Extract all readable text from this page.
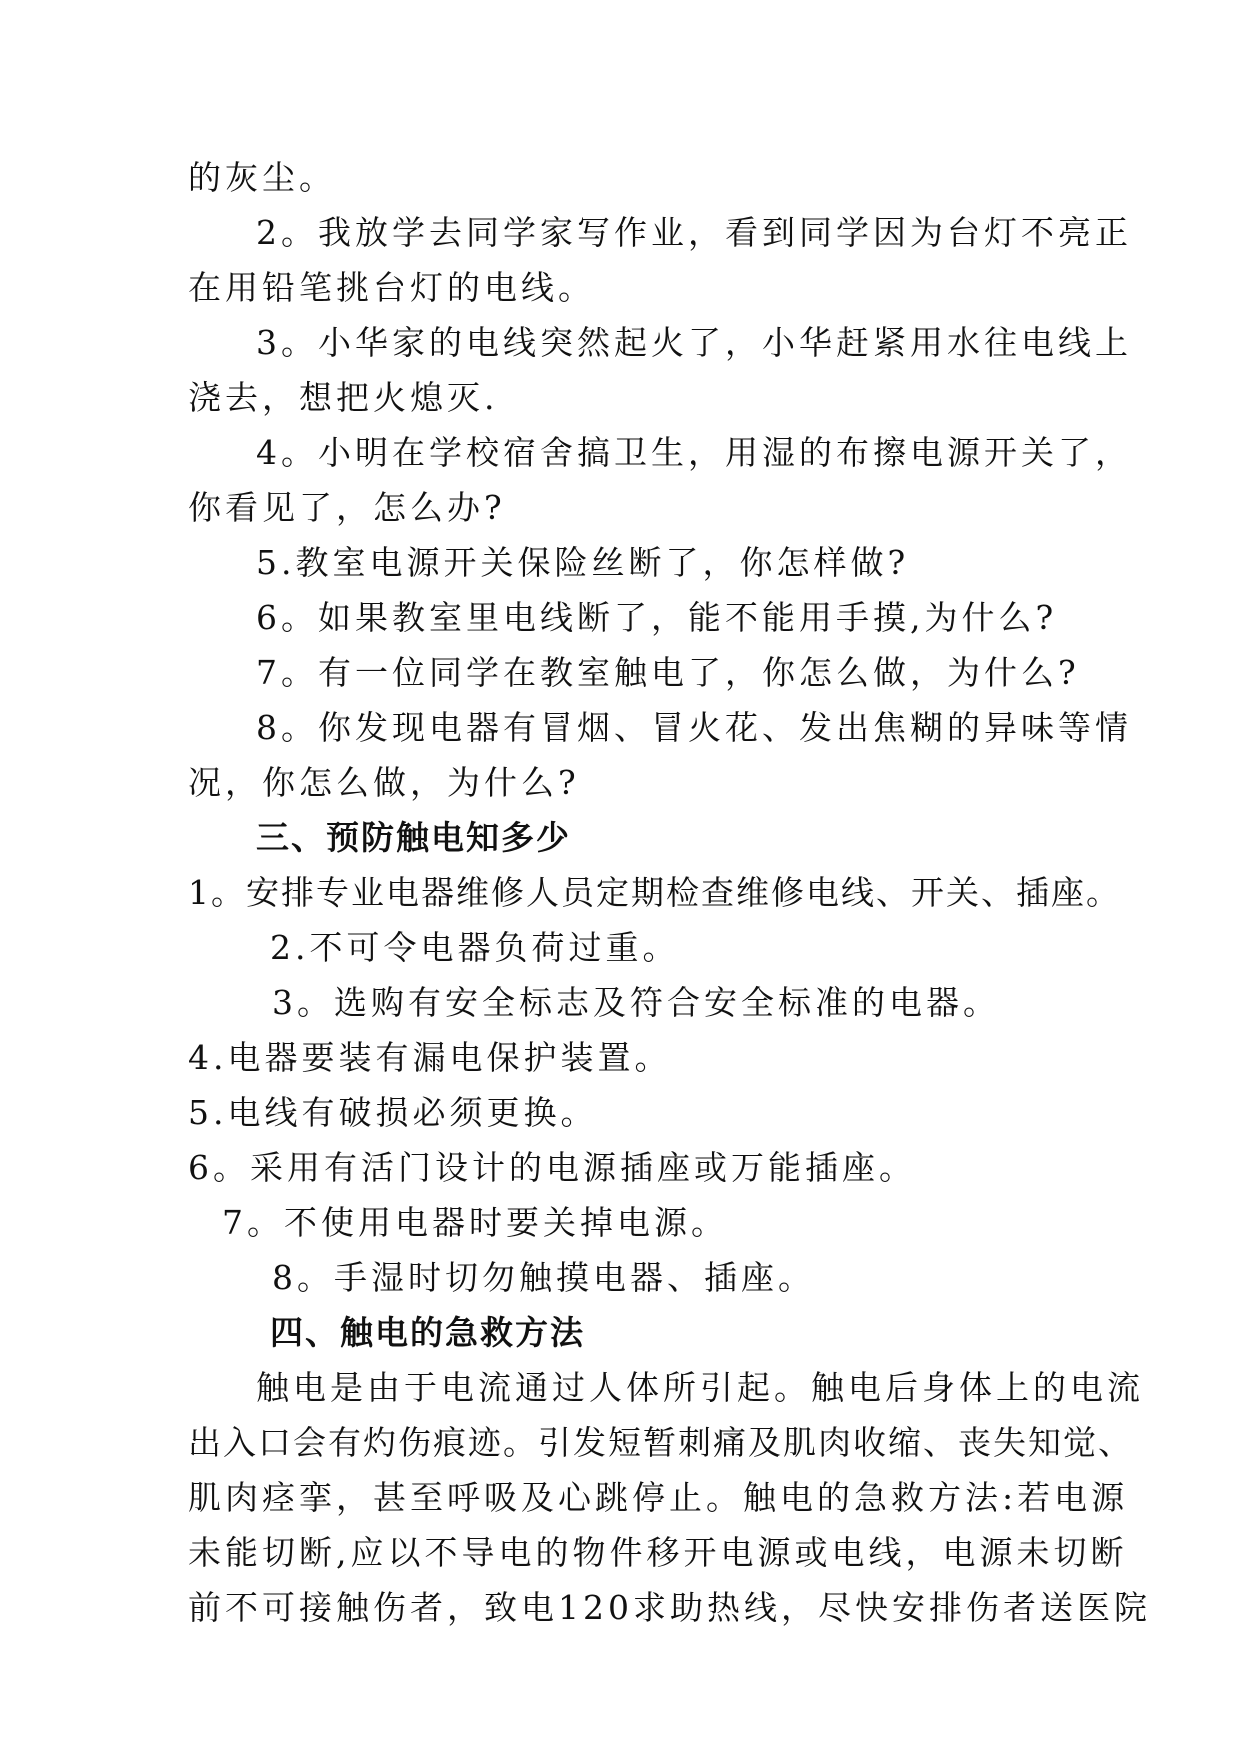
的灰尘。
2。我放学去同学家写作业，看到同学因为台灯不亮正
在用铅笔挑台灯的电线。
3。小华家的电线突然起火了，小华赶紧用水往电线上
浇去，想把火熄灭.
4。小明在学校宿舍搞卫生，用湿的布擦电源开关了，
你看见了，怎么办?
5.教室电源开关保险丝断了，你怎样做?
6。如果教室里电线断了，能不能用手摸,为什么?
7。有一位同学在教室触电了，你怎么做，为什么?
8。你发现电器有冒烟、冒火花、发出焦糊的异味等情
况，你怎么做，为什么?
三、预防触电知多少
1。安排专业电器维修人员定期检查维修电线、开关、插座。
2.不可令电器负荷过重。
3。选购有安全标志及符合安全标准的电器。
4.电器要装有漏电保护装置。
5.电线有破损必须更换。
6。采用有活门设计的电源插座或万能插座。
7。不使用电器时要关掉电源。
8。手湿时切勿触摸电器、插座。
四、触电的急救方法
触电是由于电流通过人体所引起。触电后身体上的电流
出入口会有灼伤痕迹。引发短暂刺痛及肌肉收缩、丧失知觉、
肌肉痉挛，甚至呼吸及心跳停止。触电的急救方法:若电源
未能切断,应以不导电的物件移开电源或电线，电源未切断
前不可接触伤者，致电120求助热线，尽快安排伤者送医院
